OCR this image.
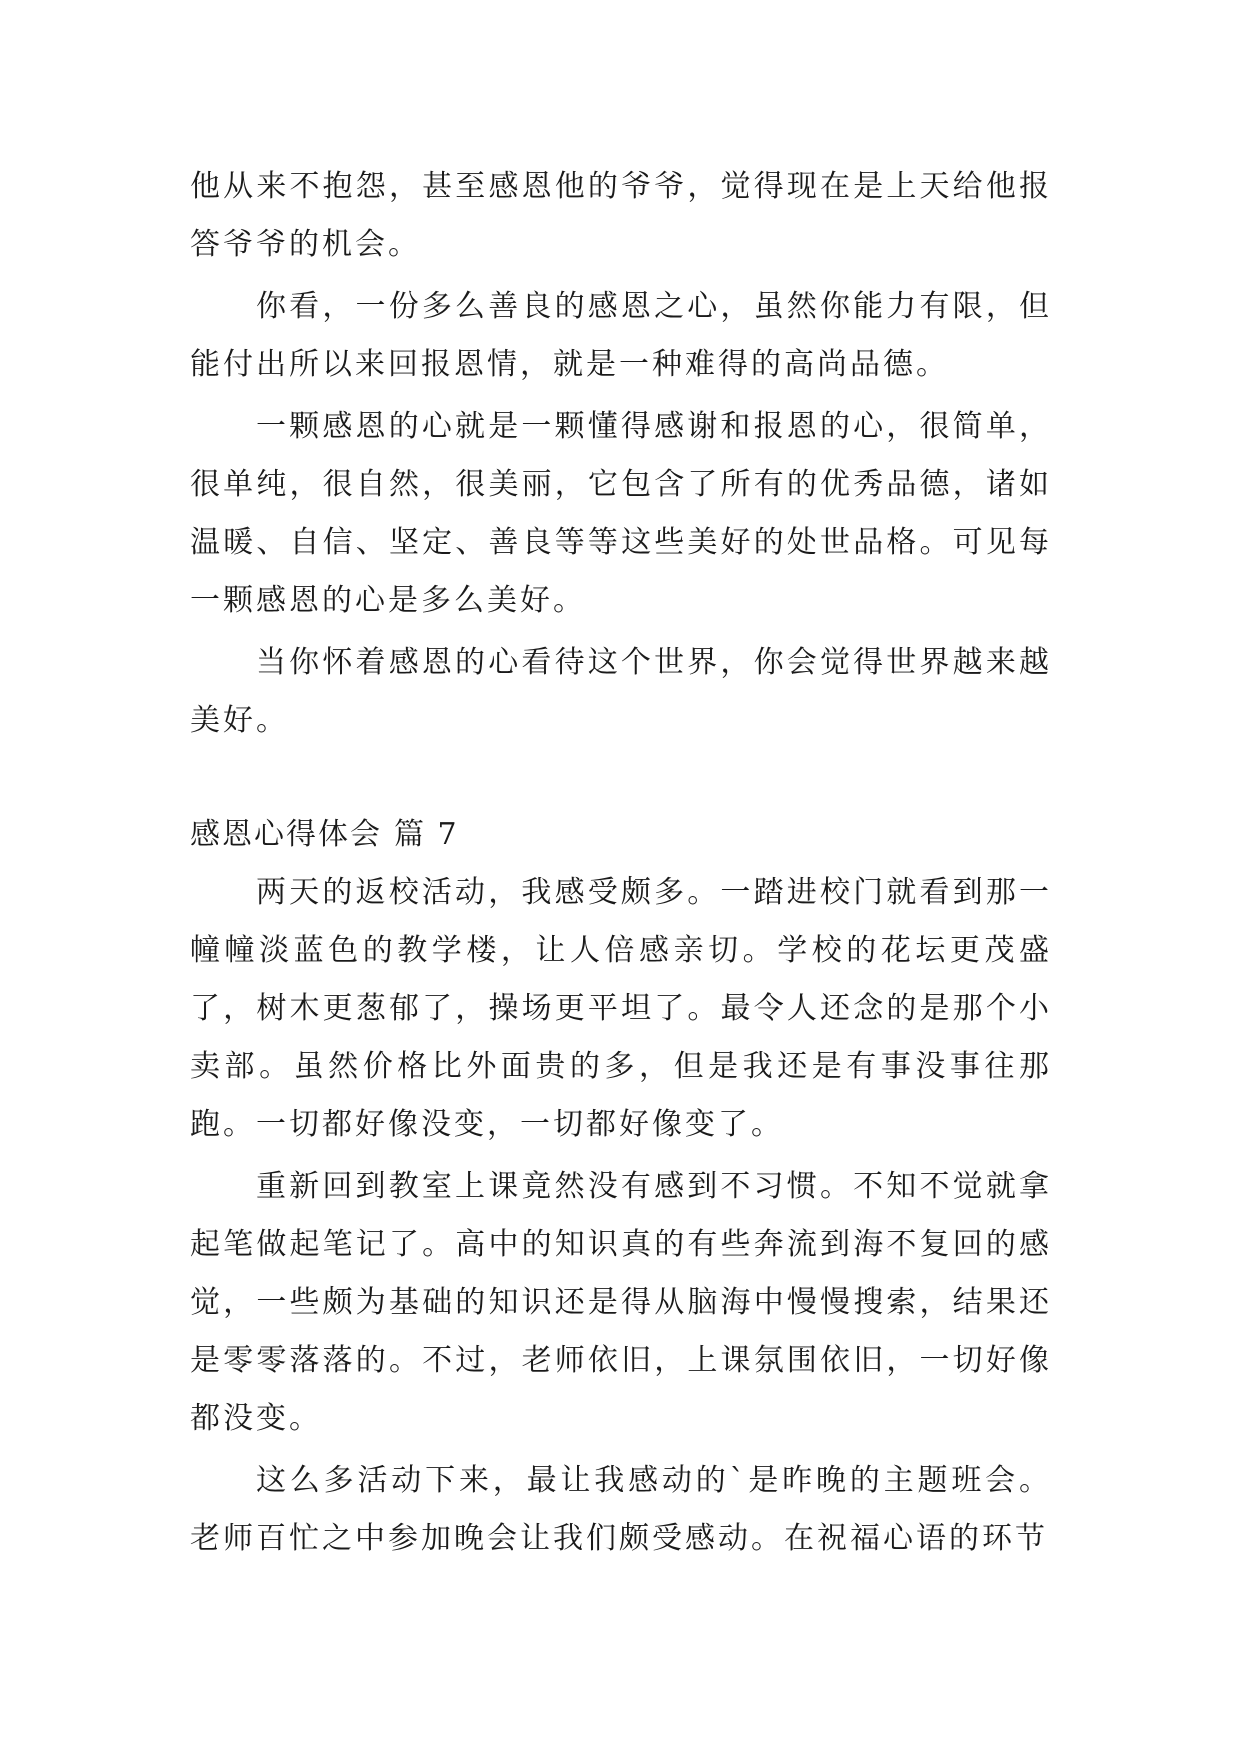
他从来不抱怨，甚至感恩他的爷爷，觉得现在是上天给他报答爷爷的机会。

你看，一份多么善良的感恩之心，虽然你能力有限，但能付出所以来回报恩情，就是一种难得的高尚品德。

一颗感恩的心就是一颗懂得感谢和报恩的心，很简单，很单纯，很自然，很美丽，它包含了所有的优秀品德，诸如温暖、自信、坚定、善良等等这些美好的处世品格。可见每一颗感恩的心是多么美好。

当你怀着感恩的心看待这个世界，你会觉得世界越来越美好。

感恩心得体会 篇 7

两天的返校活动，我感受颇多。一踏进校门就看到那一幢幢淡蓝色的教学楼，让人倍感亲切。学校的花坛更茂盛了，树木更葱郁了，操场更平坦了。最令人还念的是那个小卖部。虽然价格比外面贵的多，但是我还是有事没事往那跑。一切都好像没变，一切都好像变了。

重新回到教室上课竟然没有感到不习惯。不知不觉就拿起笔做起笔记了。高中的知识真的有些奔流到海不复回的感觉，一些颇为基础的知识还是得从脑海中慢慢搜索，结果还是零零落落的。不过，老师依旧，上课氛围依旧，一切好像都没变。

这么多活动下来，最让我感动的`是昨晚的主题班会。老师百忙之中参加晚会让我们颇受感动。在祝福心语的环节
